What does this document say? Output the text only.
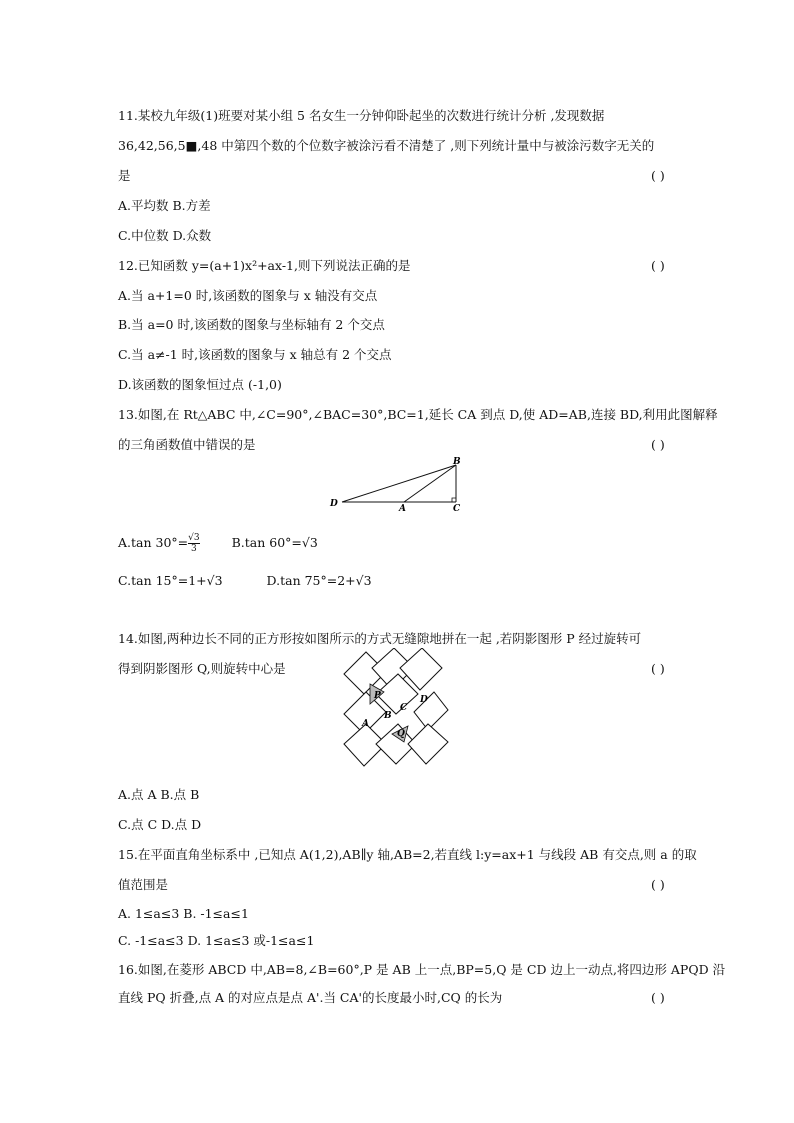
11.某校九年级(1)班要对某小组 5 名女生一分钟仰卧起坐的次数进行统计分析 ,发现数据
36,42,56,5■,48 中第四个数的个位数字被涂污看不清楚了 ,则下列统计量中与被涂污数字无关的
是	( )
A.平均数 B.方差
C.中位数 D.众数
12.已知函数 y=(a+1)x²+ax-1,则下列说法正确的是	( )
A.当 a+1=0 时,该函数的图象与 x 轴没有交点
B.当 a=0 时,该函数的图象与坐标轴有 2 个交点
C.当 a≠-1 时,该函数的图象与 x 轴总有 2 个交点
D.该函数的图象恒过点 (-1,0)
13.如图,在 Rt△ABC 中,∠C=90°,∠BAC=30°,BC=1,延长 CA 到点 D,使 AD=AB,连接 BD,利用此图解释
的三角函数值中错误的是	( )
B
D	A	C
A.tan $30^\circ= \frac{√3}{3}$	B.tan 60°=√3
C.tan 15°=1+√3	D.tan 75°=2+√3
14.如图,两种边长不同的正方形按如图所示的方式无缝隙地拼在一起 ,若阴影图形 P 经过旋转可
得到阴影图形 Q,则旋转中心是
P
Q
A
B
C
D
A.点 A B.点 B
C.点 C D.点 D
15.在平面直角坐标系中 ,已知点 A(1,2),AB∥y 轴,AB=2,若直线 l:y=ax+1 与线段 AB 有交点,则 a 的取
值范围是	( )
A. 1≤a≤3 B. -1≤a≤1
C. -1≤a≤3 D. 1≤a≤3 或-1≤a≤1
16.如图,在菱形 ABCD 中,AB=8,∠B=60°,P 是 AB 上一点,BP=5,Q 是 CD 边上一动点,将四边形 APQD 沿
直线 PQ 折叠,点 A 的对应点是点 A'.当 CA'的长度最小时,CQ 的长为	( )
( )
